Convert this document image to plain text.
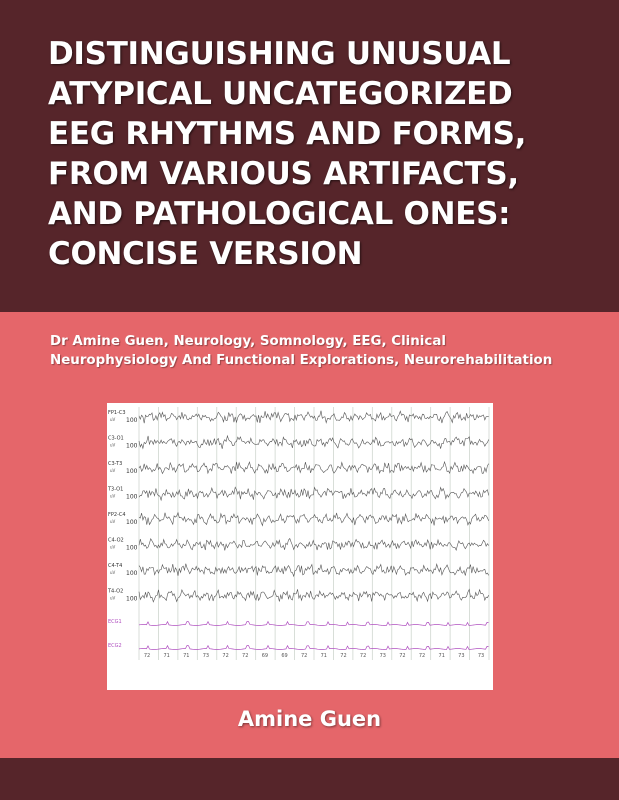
DISTINGUISHING UNUSUAL ATYPICAL UNCATEGORIZED EEG RHYTHMS AND FORMS, FROM VARIOUS ARTIFACTS, AND PATHOLOGICAL ONES: CONCISE VERSION
Dr Amine Guen, Neurology, Somnology, EEG, Clinical Neurophysiology And Functional Explorations, Neurorehabilitation
FP1-C3
uV 100
C3-O1
uV 100
C3-T3
uV 100
T3-O1
uV 100
FP2-C4
uV 100
C4-O2
uV 100
C4-T4
uV 100
T4-O2
uV 100
ECG1
ECG2
72	71	71	73	72	72	69	69	72	71	72	72	73	72	72	71	73	73
Amine Guen
